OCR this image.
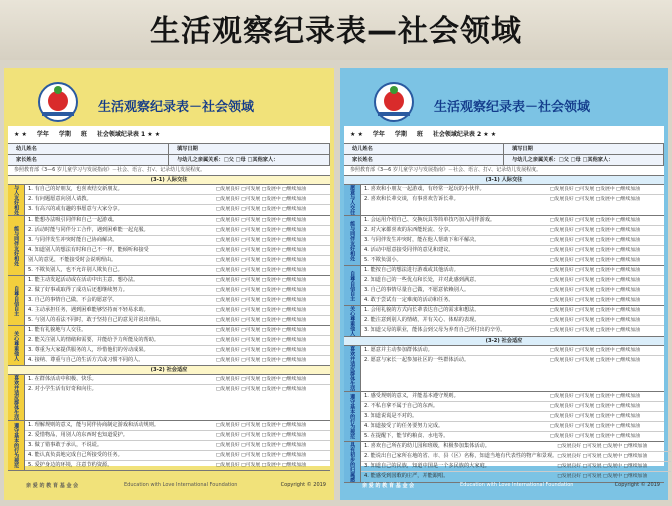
生活观察纪录表—社会领域
生活观察纪录表－社会领域
★ ★ 学年 学期 班 社会领域纪录表 1 ★ ★
幼儿姓名	填写日期
家长姓名	与幼儿之亲属关系：□父 □母 □其他家人：
参照教育部《3—6 岁儿童学习与发展指南》－社会、语言、打√、记录幼儿发展程度。
(3-1) 人际交往
与人友好相处	1. 有自己的好朋友，也喜欢结交新朋友。	□发展良好 □可发展 □发展中 □继续加油
2. 有问题愿意向别人请教。	□发展良好 □可发展 □发展中 □继续加油
3. 有高兴的或有趣的事愿意与大家分享。	□发展良好 □可发展 □发展中 □继续加油
能与同伴友好相处
1. 能想办法吸引同伴和自己一起游戏。	□发展良好 □可发展 □发展中 □继续加油
2. 活动时能与同伴分工合作，遇到困难能一起克服。	□发展良好 □可发展 □发展中 □继续加油
3. 与同伴发生冲突时能自己协商解决。	□发展良好 □可发展 □发展中 □继续加油
4. 知道别人的想法有时和自己不一样，能倾听和接受	□发展良好 □可发展 □发展中 □继续加油
别人的意见，不能接受时会说明理由。	□发展良好 □可发展 □发展中 □继续加油
5. 不欺负别人，也不允许别人欺负自己。	□发展良好 □可发展 □发展中 □继续加油
自尊自信自主
1. 能主动发起活动或在活动中出主意、想办法。	□发展良好 □可发展 □发展中 □继续加油
2. 做了好事或取得了成功后还想继续努力。	□发展良好 □可发展 □发展中 □继续加油
3. 自己的事情自己做，不会的愿意学。	□发展良好 □可发展 □发展中 □继续加油
4. 主动承担任务，遇到困难能够坚持而不轻易求助。	□发展良好 □可发展 □发展中 □继续加油
5. 与别人的看法不同时，敢于坚持自己的意见并说出理由。	□发展良好 □可发展 □发展中 □继续加油
关心尊重他人
1. 能有礼貌地与人交往。	□发展良好 □可发展 □发展中 □继续加油
2. 能关注别人的情绪和需要，并能给予力所能及的帮助。	□发展良好 □可发展 □发展中 □继续加油
3. 尊重为大家提供服务的人，珍惜他们的劳动成果。	□发展良好 □可发展 □发展中 □继续加油
4. 接纳、尊重与自己的生活方式或习惯不同的人。	□发展良好 □可发展 □发展中 □继续加油
(3-2) 社会适应
喜欢并适应群体生活	1. 在群体活动中积极、快乐。	□发展良好 □可发展 □发展中 □继续加油
2. 对小学生活有好奇和向往。	□发展良好 □可发展 □发展中 □继续加油
遵守基本的行为规范	1. 理解规则的意义，能与同伴协商制定游戏和活动规则。	□发展良好 □可发展 □发展中 □继续加油
2. 爱惜物品，用别人的东西时也知道爱护。	□发展良好 □可发展 □发展中 □继续加油
3. 做了错事敢于承认，不说谎。	□发展良好 □可发展 □发展中 □继续加油
4. 能认真负责地完成自己所接受的任务。	□发展良好 □可发展 □发展中 □继续加油
5. 爱护身边的环境，注意节约资源。	□发展良好 □可发展 □发展中 □继续加油
亲 爱 的 教 育 基 金 会	Education with Love International Foundation	Copyright © 2019
生活观察纪录表－社会领域
★ ★ 学年 学期 班 社会领域纪录表 2 ★ ★
幼儿姓名	填写日期
家长姓名	与幼儿之亲属关系：□父 □母 □其他家人：
参照教育部《3—6 岁儿童学习与发展指南》－社会、语言、打√、记录幼儿发展程度。
(3-1) 人际交往
愿意与人交往	1. 喜欢和小朋友一起游戏，有经常一起玩的小伙伴。	□发展良好 □可发展 □发展中 □继续加油
2. 喜欢和长辈交谈，有事喜欢告诉长辈。	□发展良好 □可发展 □发展中 □继续加油
能与同伴友好相处
1. 会运用介绍自己、交换玩具等简单技巧加入同伴游戏。	□发展良好 □可发展 □发展中 □继续加油
2. 对大家都喜欢的东西能轮流、分享。	□发展良好 □可发展 □发展中 □继续加油
3. 与同伴发生冲突时，能在他人帮助下和平解决。	□发展良好 □可发展 □发展中 □继续加油
4. 活动中愿意接受同伴的意见和建议。	□发展良好 □可发展 □发展中 □继续加油
5. 不欺负弱小。	□发展良好 □可发展 □发展中 □继续加油
自尊自信自主
1. 能按自己的想法进行游戏或其他活动。	□发展良好 □可发展 □发展中 □继续加油
2. 知道自己的一些优点和长处，并对此感到满意。	□发展良好 □可发展 □发展中 □继续加油
3. 自己的事情尽量自己做，不愿意依赖别人。	□发展良好 □可发展 □发展中 □继续加油
4. 敢于尝试有一定难度的活动和任务。	□发展良好 □可发展 □发展中 □继续加油
关心尊重他人	1. 会用礼貌的方式向长辈表达自己的需求和想法。	□发展良好 □可发展 □发展中 □继续加油
2. 能注意到别人的情绪，并有关心、体贴的表现。	□发展良好 □可发展 □发展中 □继续加油
3. 知道父母的职业，能体会到父母为养育自己所付出的辛劳。	□发展良好 □可发展 □发展中 □继续加油
(3-2) 社会适应
喜欢并适应群体生活	1. 愿意并主动参加群体活动。	□发展良好 □可发展 □发展中 □继续加油
2. 愿意与家长一起参加社区的一些群体活动。	□发展良好 □可发展 □发展中 □继续加油
遵守基本的行为规范	1. 感受规则的意义，并能基本遵守规则。	□发展良好 □可发展 □发展中 □继续加油
2. 不私自拿不属于自己的东西。	□发展良好 □可发展 □发展中 □继续加油
3. 知道说谎是不对的。	□发展良好 □可发展 □发展中 □继续加油
4. 知道接受了的任务要努力完成。	□发展良好 □可发展 □发展中 □继续加油
5. 在提醒下，能节约粮食、水电等。	□发展良好 □可发展 □发展中 □继续加油
具有初步的归属感	1. 喜欢自己所在的幼儿园和班级，积极参加集体活动。	□发展良好 □可发展 □发展中 □继续加油
2. 能说出自己家所在地的省、市、县（区）名称，知道当地有代表性的物产和景观。 □发展良好 □可发展 □发展中 □继续加油
3. 知道自己的民族，知道中国是一个多民族的大家庭。	□发展良好 □可发展 □发展中 □继续加油
4. 能感受到国歌的庄严，并能跟唱。	□发展良好 □可发展 □发展中 □继续加油
亲 爱 的 教 育 基 金 会	Education with Love International Foundation	Copyright © 2019
